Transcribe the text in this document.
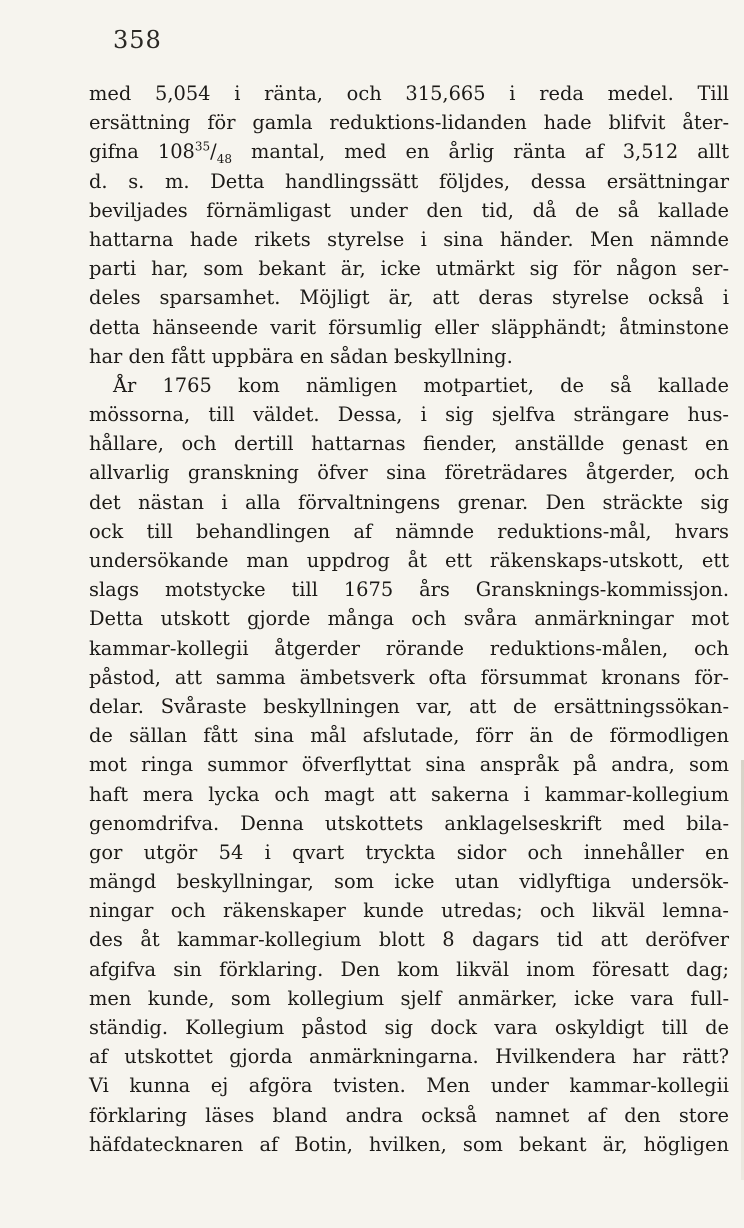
358
med 5,054 i ränta, och 315,665 i reda medel. Till
ersättning för gamla reduktions-lidanden hade blifvit åter-
gifna $108^{35}/_{48}$ mantal, med en årlig ränta af 3,512 allt
d. s. m. Detta handlingssätt följdes, dessa ersättningar
beviljades förnämligast under den tid, då de så kallade
hattarna hade rikets styrelse i sina händer. Men nämnde
parti har, som bekant är, icke utmärkt sig för någon ser-
deles sparsamhet. Möjligt är, att deras styrelse också i
detta hänseende varit försumlig eller släpphändt; åtminstone
har den fått uppbära en sådan beskyllning.
År 1765 kom nämligen motpartiet, de så kallade
mössorna, till väldet. Dessa, i sig sjelfva strängare hus-
hållare, och dertill hattarnas fiender, anställde genast en
allvarlig granskning öfver sina företrädares åtgerder, och
det nästan i alla förvaltningens grenar. Den sträckte sig
ock till behandlingen af nämnde reduktions-mål, hvars
undersökande man uppdrog åt ett räkenskaps-utskott, ett
slags motstycke till 1675 års Gransknings-kommissjon.
Detta utskott gjorde många och svåra anmärkningar mot
kammar-kollegii åtgerder rörande reduktions-målen, och
påstod, att samma ämbetsverk ofta försummat kronans för-
delar. Svåraste beskyllningen var, att de ersättningssökan-
de sällan fått sina mål afslutade, förr än de förmodligen
mot ringa summor öfverflyttat sina anspråk på andra, som
haft mera lycka och magt att sakerna i kammar-kollegium
genomdrifva. Denna utskottets anklagelseskrift med bila-
gor utgör 54 i qvart tryckta sidor och innehåller en
mängd beskyllningar, som icke utan vidlyftiga undersök-
ningar och räkenskaper kunde utredas; och likväl lemna-
des åt kammar-kollegium blott 8 dagars tid att deröfver
afgifva sin förklaring. Den kom likväl inom föresatt dag;
men kunde, som kollegium sjelf anmärker, icke vara full-
ständig. Kollegium påstod sig dock vara oskyldigt till de
af utskottet gjorda anmärkningarna. Hvilkendera har rätt?
Vi kunna ej afgöra tvisten. Men under kammar-kollegii
förklaring läses bland andra också namnet af den store
häfdatecknaren af Botin, hvilken, som bekant är, högligen
